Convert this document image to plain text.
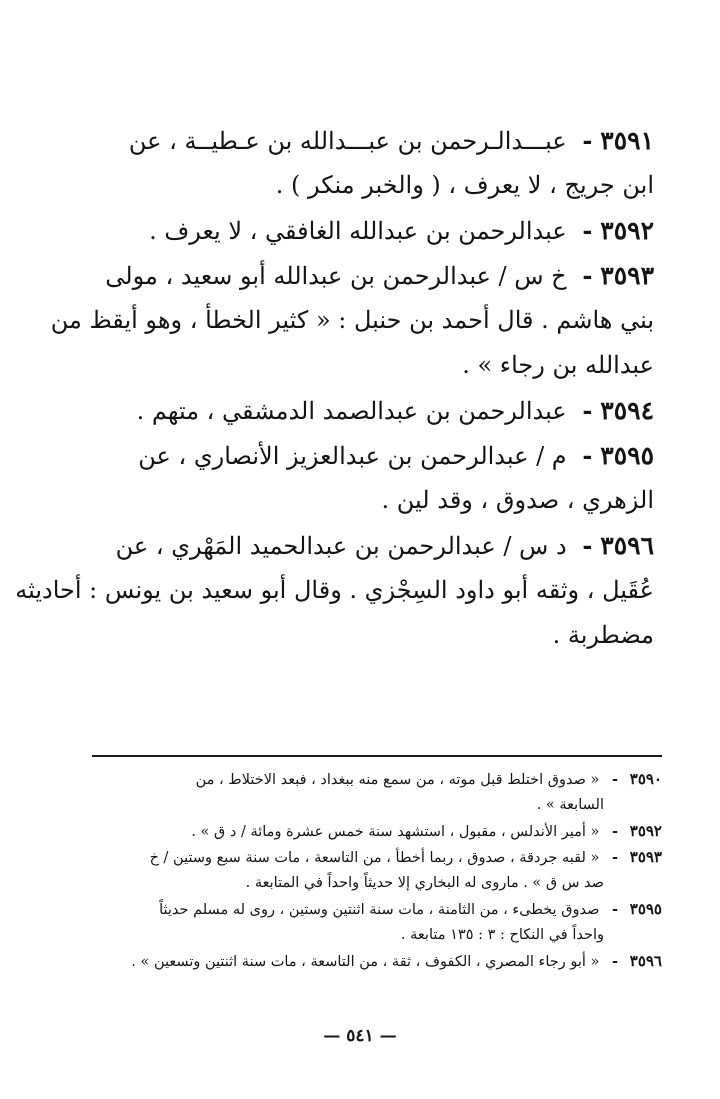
٣٥٩١- عبـــدالـرحمن بن عبـــدالله بن عـطيــة ، عن
ابن جريج ، لا يعرف ، ( والخبر منكر ) .
٣٥٩٢- عبدالرحمن بن عبدالله الغافقي ، لا يعرف .
٣٥٩٣- خ س / عبدالرحمن بن عبدالله أبو سعيد ، مولى
بني هاشم . قال أحمد بن حنبل : « كثير الخطأ ، وهو أيقظ من
عبدالله بن رجاء » .
٣٥٩٤- عبدالرحمن بن عبدالصمد الدمشقي ، متهم .
٣٥٩٥- م / عبدالرحمن بن عبدالعزيز الأنصاري ، عن
الزهري ، صدوق ، وقد لين .
٣٥٩٦- د س / عبدالرحمن بن عبدالحميد المَهْري ، عن
عُقَيل ، وثقه أبو داود السِجْزي . وقال أبو سعيد بن يونس : أحاديثه
مضطربة .
٣٥٩٠- « صدوق اختلط قبل موته ، من سمع منه ببغداد ، فبعد الاختلاط ، من
السابعة » .
٣٥٩٢- « أمير الأندلس ، مقبول ، استشهد سنة خمس عشرة ومائة / د ق » .
٣٥٩٣- « لقبه جردقة ، صدوق ، ربما أخطأ ، من التاسعة ، مات سنة سبع وستين / خ
صد س ق » . ماروى له البخاري إلا حديثاً واحداً في المتابعة .
٣٥٩٥- صدوق يخطىء ، من الثامنة ، مات سنة اثنتين وستين ، روى له مسلم حديثاً
واحداً في النكاح : ٣ : ١٣٥ متابعة .
٣٥٩٦- « أبو رجاء المصري ، الكفوف ، ثقة ، من التاسعة ، مات سنة اثنتين وتسعين » .
— ٥٤١ —
